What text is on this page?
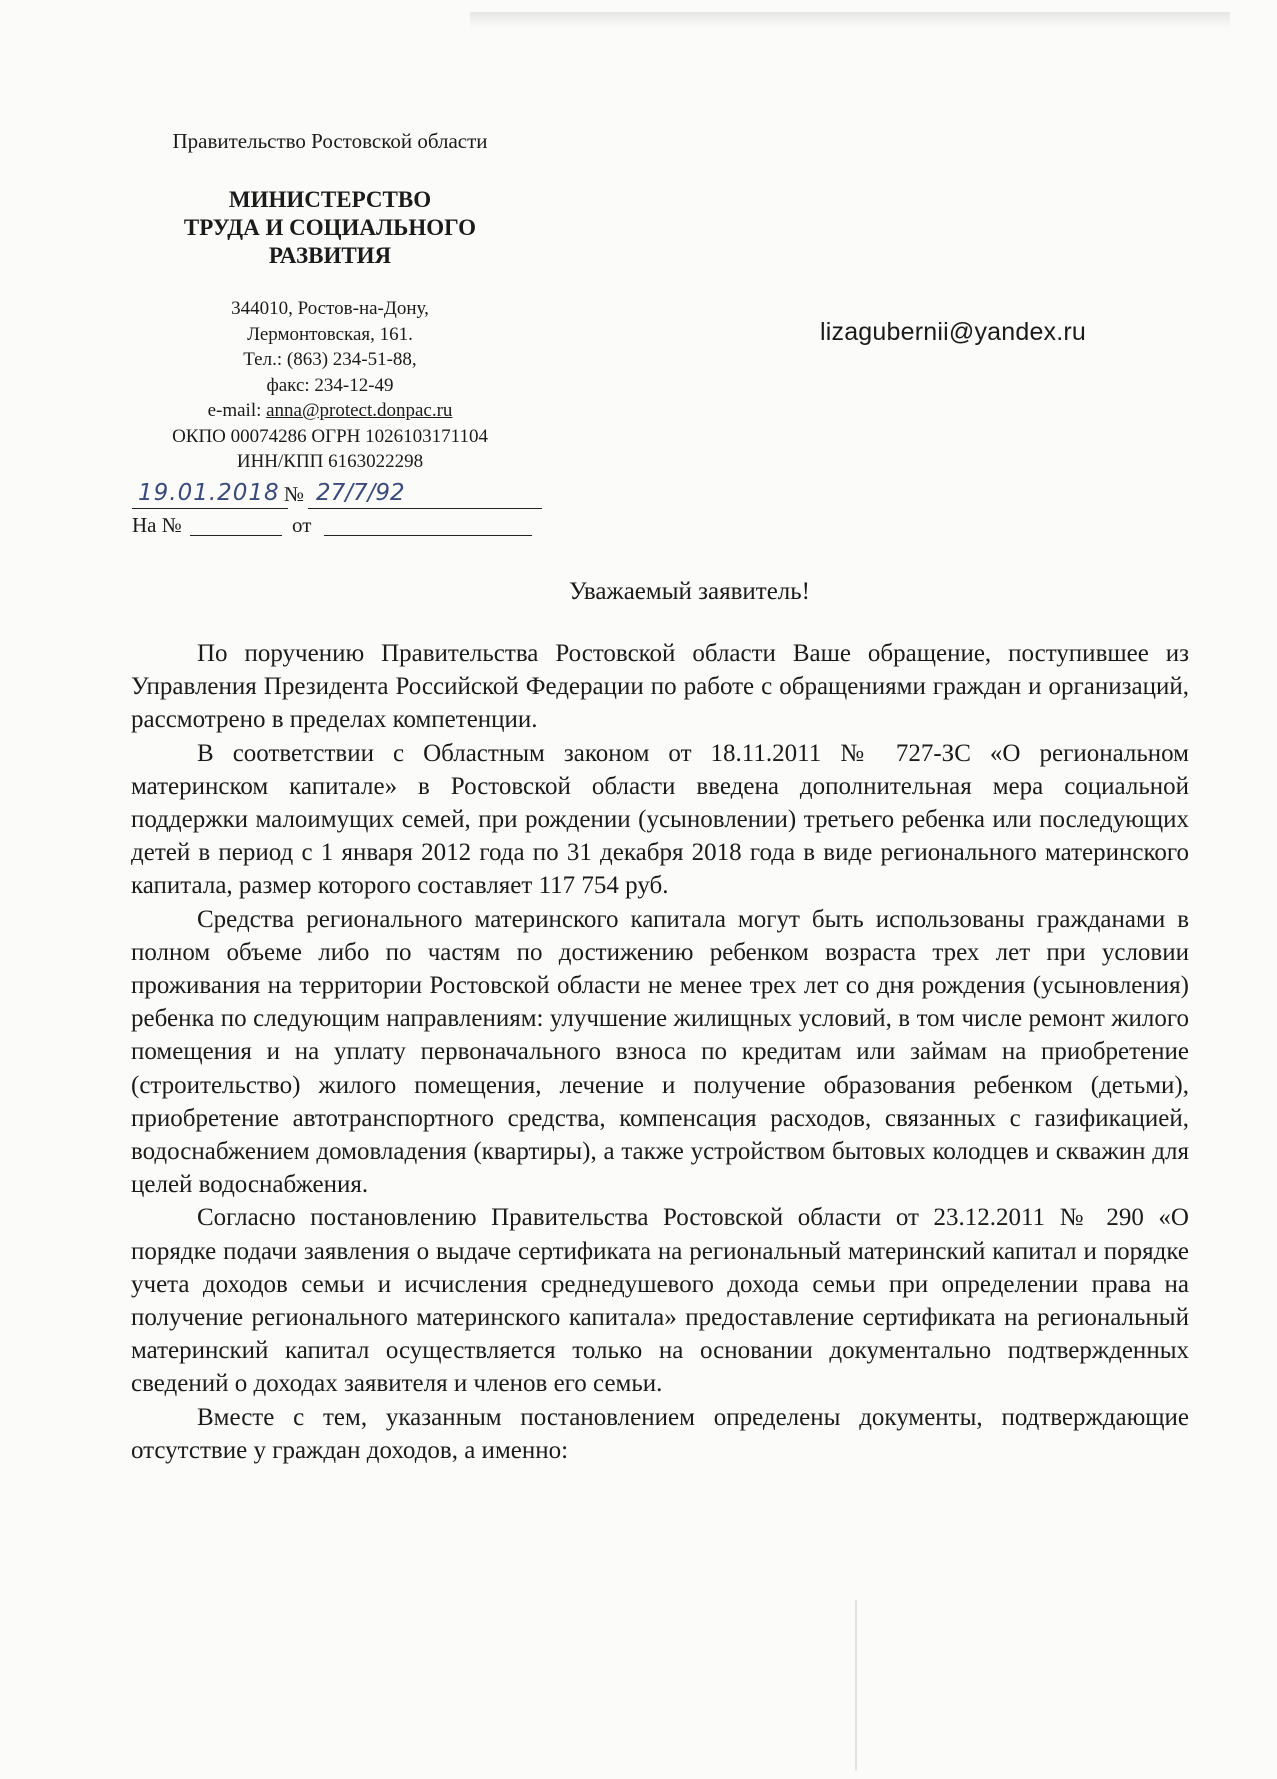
Правительство Ростовской области
МИНИСТЕРСТВО
ТРУДА И СОЦИАЛЬНОГО
РАЗВИТИЯ
344010, Ростов-на-Дону,
Лермонтовская, 161.
Тел.: (863) 234-51-88,
факс: 234-12-49
e-mail: anna@protect.donpac.ru
ОКПО 00074286 ОГРН 1026103171104
ИНН/КПП 6163022298
19.01.2018 № 27/7/92
На №	от
lizagubernii@yandex.ru
Уважаемый заявитель!

По поручению Правительства Ростовской области Ваше обращение, поступившее из Управления Президента Российской Федерации по работе с обращениями граждан и организаций, рассмотрено в пределах компетенции.

В соответствии с Областным законом от 18.11.2011 № 727-ЗС «О региональном материнском капитале» в Ростовской области введена дополнительная мера социальной поддержки малоимущих семей, при рождении (усыновлении) третьего ребенка или последующих детей в период с 1 января 2012 года по 31 декабря 2018 года в виде регионального материнского капитала, размер которого составляет 117 754 руб.

Средства регионального материнского капитала могут быть использованы гражданами в полном объеме либо по частям по достижению ребенком возраста трех лет при условии проживания на территории Ростовской области не менее трех лет со дня рождения (усыновления) ребенка по следующим направлениям: улучшение жилищных условий, в том числе ремонт жилого помещения и на уплату первоначального взноса по кредитам или займам на приобретение (строительство) жилого помещения, лечение и получение образования ребенком (детьми), приобретение автотранспортного средства, компенсация расходов, связанных с газификацией, водоснабжением домовладения (квартиры), а также устройством бытовых колодцев и скважин для целей водоснабжения.

Согласно постановлению Правительства Ростовской области от 23.12.2011 № 290 «О порядке подачи заявления о выдаче сертификата на региональный материнский капитал и порядке учета доходов семьи и исчисления среднедушевого дохода семьи при определении права на получение регионального материнского капитала» предоставление сертификата на региональный материнский капитал осуществляется только на основании документально подтвержденных сведений о доходах заявителя и членов его семьи.

Вместе с тем, указанным постановлением определены документы, подтверждающие отсутствие у граждан доходов, а именно:
